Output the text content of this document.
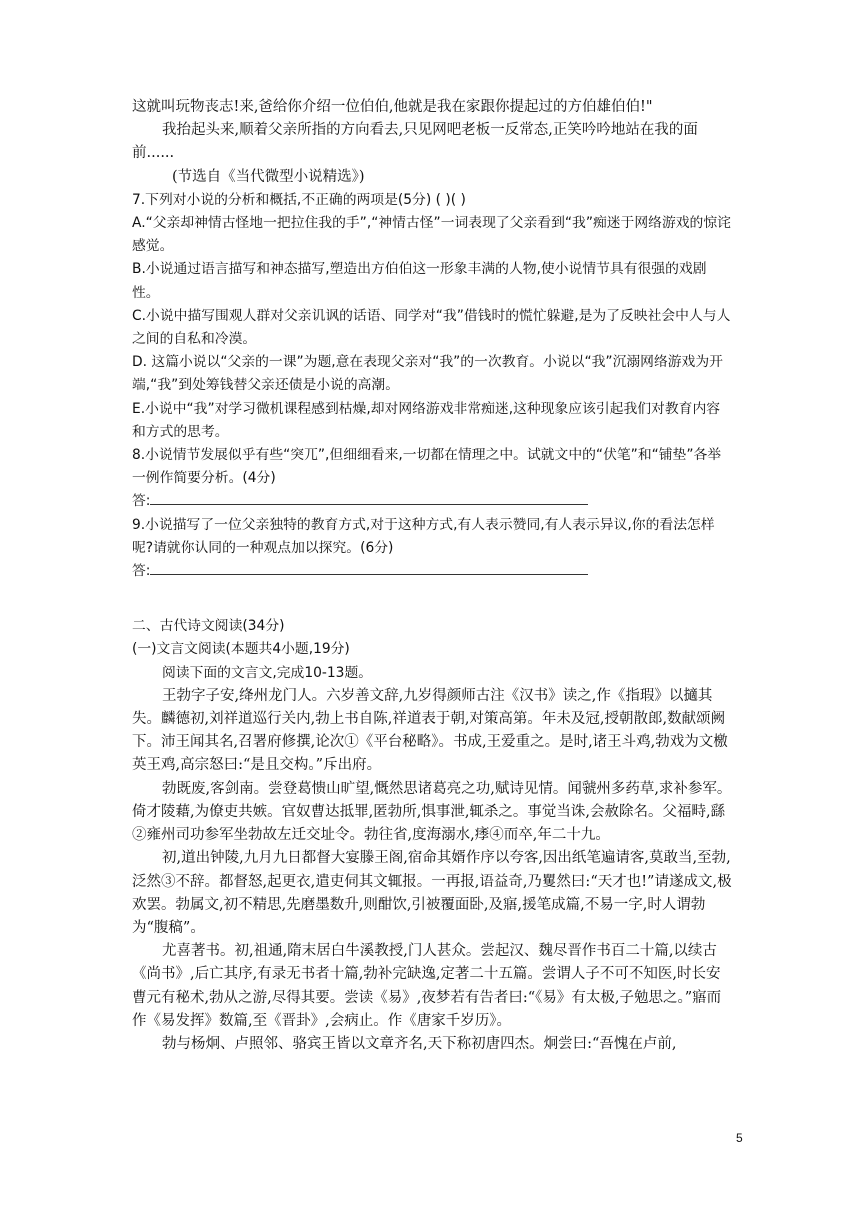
这就叫玩物丧志!来,爸给你介绍一位伯伯,他就是我在家跟你提起过的方伯雄伯伯!"

我抬起头来,顺着父亲所指的方向看去,只见网吧老板一反常态,正笑吟吟地站在我的面前......

(节选自《当代微型小说精选》)

7.下列对小说的分析和概括,不正确的两项是(5分) ( )( )

A.“父亲却神情古怪地一把拉住我的手”,“神情古怪”一词表现了父亲看到“我”痴迷于网络游戏的惊诧感觉。

B.小说通过语言描写和神态描写,塑造出方伯伯这一形象丰满的人物,使小说情节具有很强的戏剧性。

C.小说中描写围观人群对父亲讥讽的话语、同学对“我”借钱时的慌忙躲避,是为了反映社会中人与人之间的自私和冷漠。

D. 这篇小说以“父亲的一课”为题,意在表现父亲对“我”的一次教育。小说以“我”沉溺网络游戏为开端,“我”到处筹钱替父亲还债是小说的高潮。

E.小说中“我”对学习微机课程感到枯燥,却对网络游戏非常痴迷,这种现象应该引起我们对教育内容和方式的思考。

8.小说情节发展似乎有些“突兀”,但细细看来,一切都在情理之中。试就文中的“伏笔”和“铺垫”各举一例作简要分析。(4分)

答:

9.小说描写了一位父亲独特的教育方式,对于这种方式,有人表示赞同,有人表示异议,你的看法怎样呢?请就你认同的一种观点加以探究。(6分)

答:

二、古代诗文阅读(34分)

(一)文言文阅读(本题共4小题,19分)

阅读下面的文言文,完成10-13题。

王勃字子安,绛州龙门人。六岁善文辞,九岁得颜师古注《汉书》读之,作《指瑕》以擿其失。麟德初,刘祥道巡行关内,勃上书自陈,祥道表于朝,对策高第。年未及冠,授朝散郎,数献颂阙下。沛王闻其名,召署府修撰,论次①《平台秘略》。书成,王爱重之。是时,诸王斗鸡,勃戏为文檄英王鸡,高宗怒曰:“是且交构。”斥出府。

勃既废,客剑南。尝登葛愦山旷望,慨然思诸葛亮之功,赋诗见情。闻虢州多药草,求补参军。倚才陵藉,为僚吏共嫉。官奴曹达抵罪,匿勃所,惧事泄,辄杀之。事觉当诛,会赦除名。父福畤,繇②雍州司功参军坐勃故左迁交址令。勃往省,度海溺水,痵④而卒,年二十九。

初,道出钟陵,九月九日都督大宴滕王阁,宿命其婿作序以夸客,因出纸笔遍请客,莫敢当,至勃,泛然③不辞。都督怒,起更衣,遣吏伺其文辄报。一再报,语益奇,乃矍然曰:“天才也!”请遂成文,极欢罢。勃属文,初不精思,先磨墨数升,则酣饮,引被覆面卧,及寤,援笔成篇,不易一字,时人谓勃为“腹稿”。

尤喜著书。初,祖通,隋末居白牛溪教授,门人甚众。尝起汉、魏尽晋作书百二十篇,以续古《尚书》,后亡其序,有录无书者十篇,勃补完缺逸,定著二十五篇。尝谓人子不可不知医,时长安曹元有秘术,勃从之游,尽得其要。尝读《易》,夜梦若有告者曰:“《易》有太极,子勉思之。”寤而作《易发挥》数篇,至《晋卦》,会病止。作《唐家千岁历》。

勃与杨炯、卢照邻、骆宾王皆以文章齐名,天下称初唐四杰。炯尝曰:“吾愧在卢前,

5
